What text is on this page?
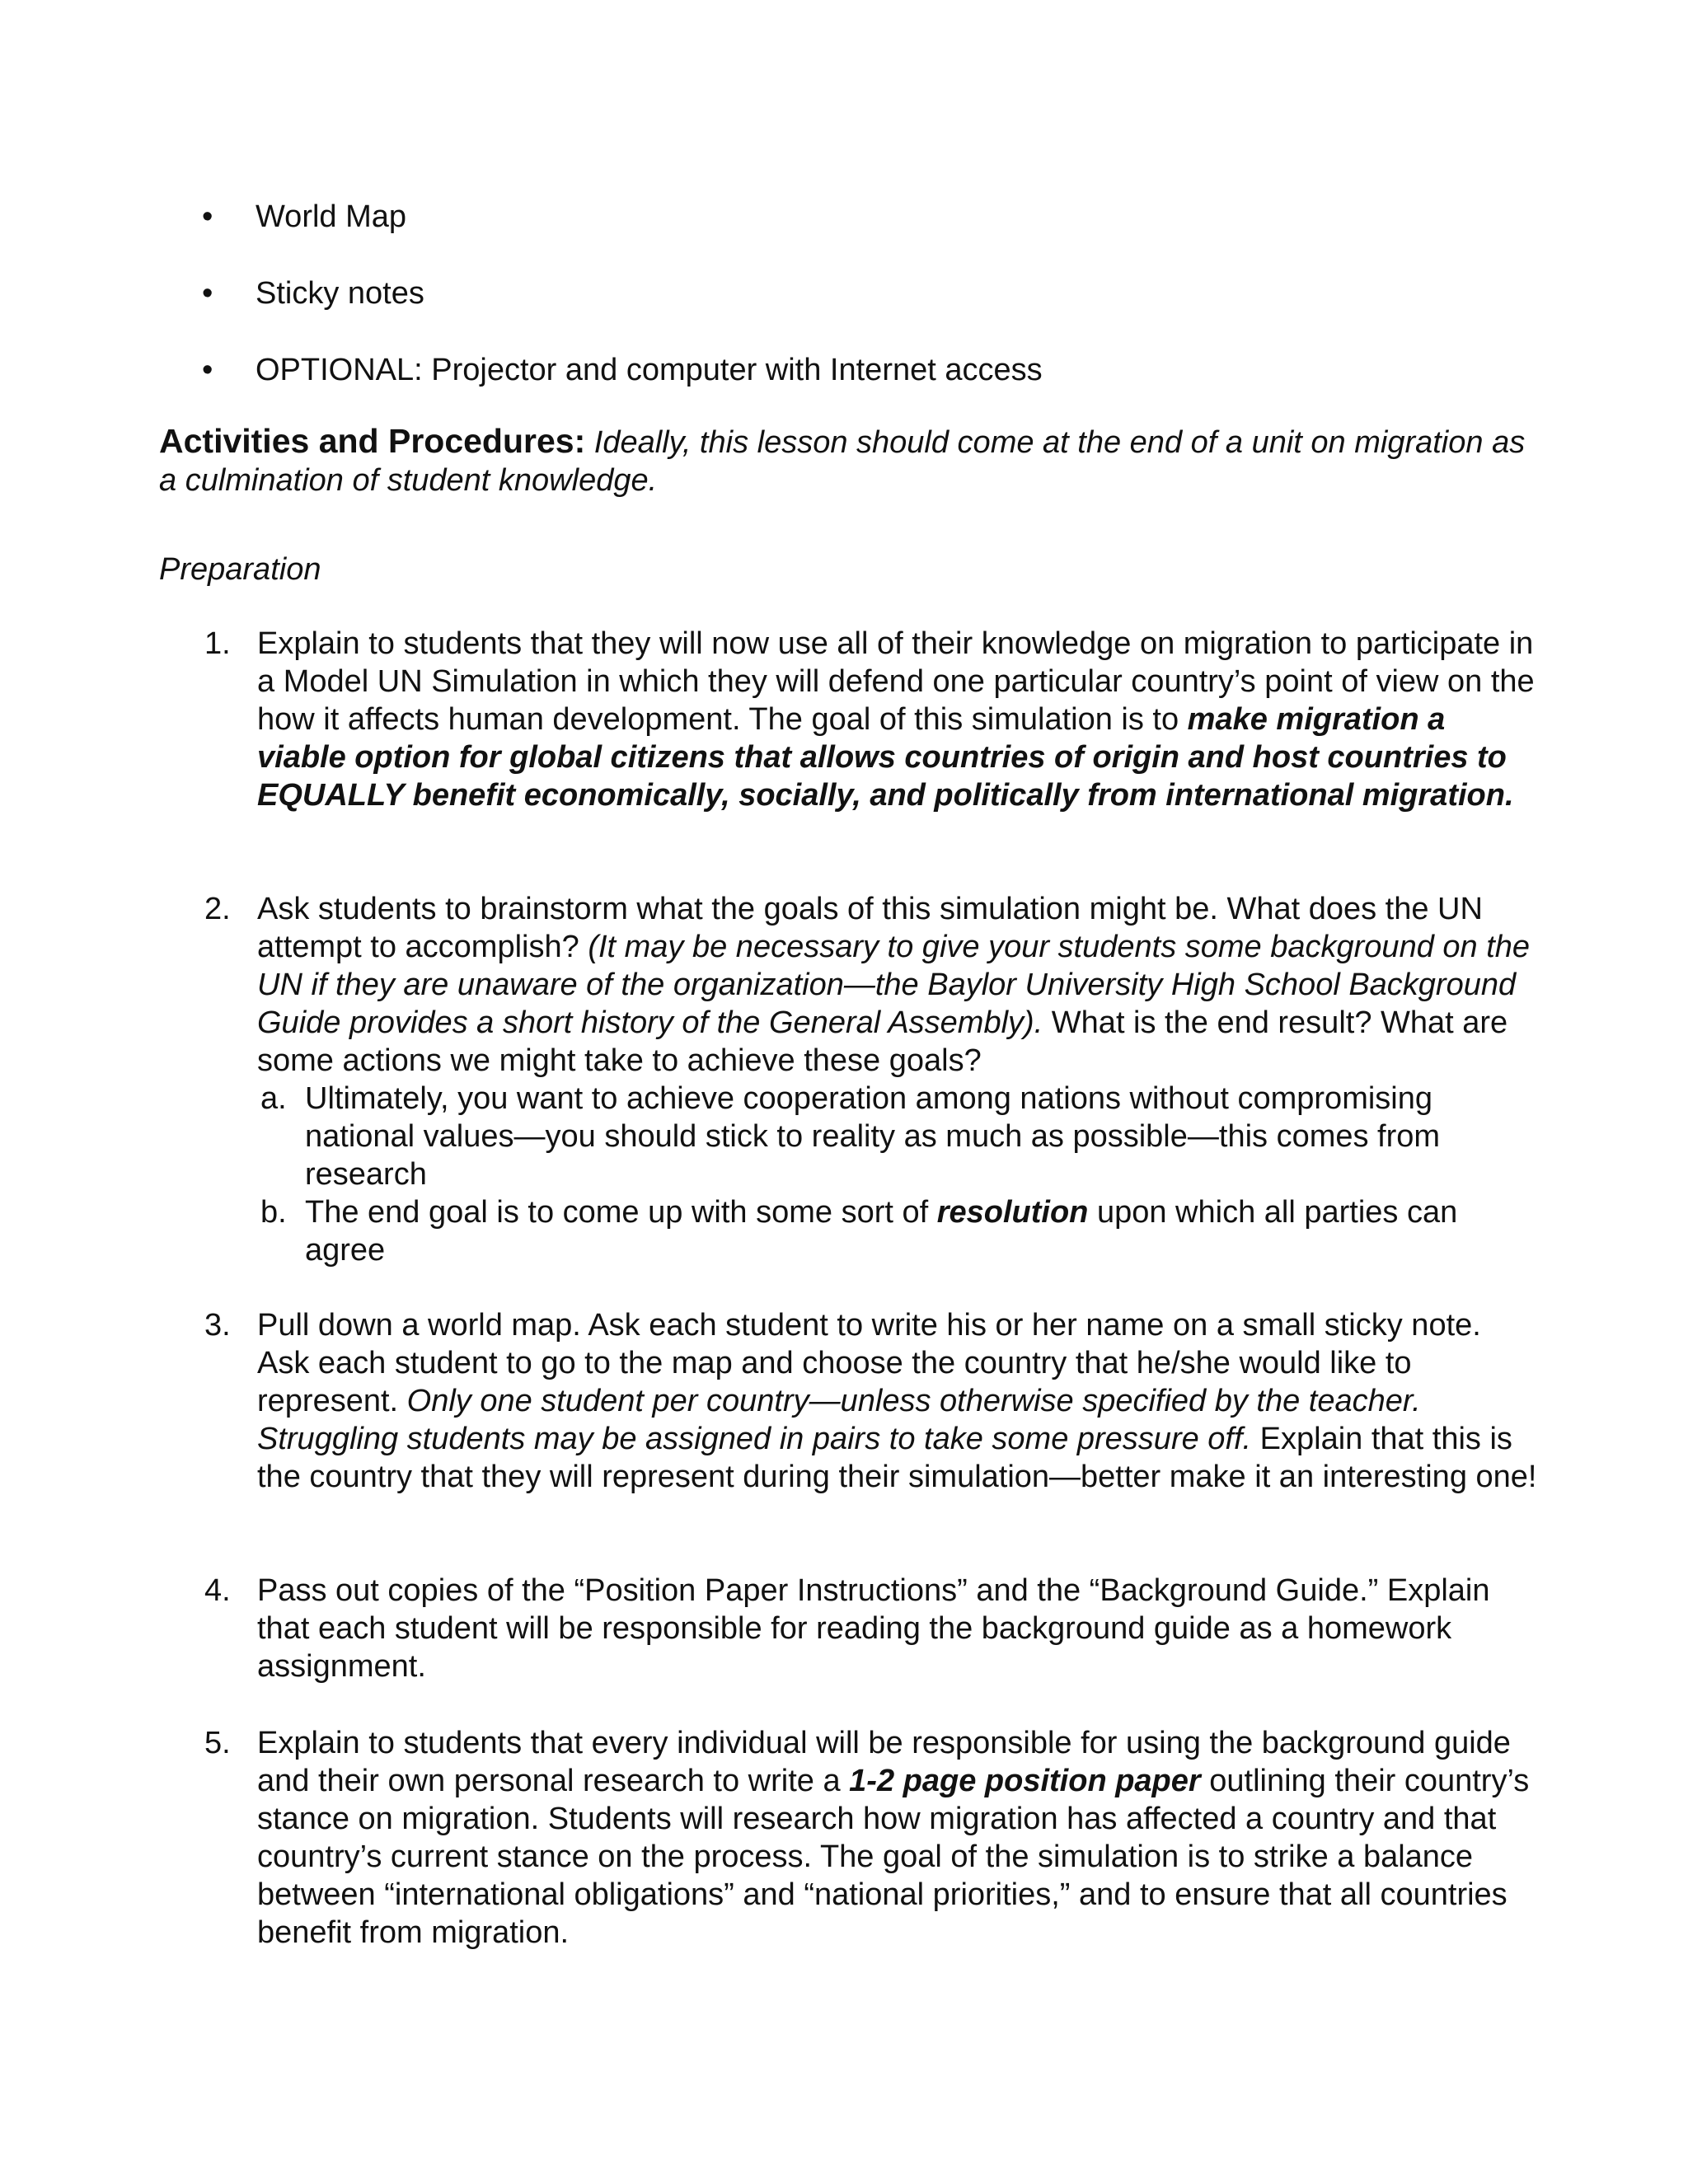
• World Map
• Sticky notes
• OPTIONAL: Projector and computer with Internet access
Activities and Procedures: Ideally, this lesson should come at the end of a unit on migration as a culmination of student knowledge.
Preparation
1. Explain to students that they will now use all of their knowledge on migration to participate in a Model UN Simulation in which they will defend one particular country’s point of view on the how it affects human development. The goal of this simulation is to make migration a viable option for global citizens that allows countries of origin and host countries to EQUALLY benefit economically, socially, and politically from international migration.
2. Ask students to brainstorm what the goals of this simulation might be. What does the UN attempt to accomplish? (It may be necessary to give your students some background on the UN if they are unaware of the organization—the Baylor University High School Background Guide provides a short history of the General Assembly). What is the end result? What are some actions we might take to achieve these goals?
a. Ultimately, you want to achieve cooperation among nations without compromising national values—you should stick to reality as much as possible—this comes from research
b. The end goal is to come up with some sort of resolution upon which all parties can agree
3. Pull down a world map. Ask each student to write his or her name on a small sticky note. Ask each student to go to the map and choose the country that he/she would like to represent. Only one student per country—unless otherwise specified by the teacher. Struggling students may be assigned in pairs to take some pressure off. Explain that this is the country that they will represent during their simulation—better make it an interesting one!
4. Pass out copies of the “Position Paper Instructions” and the “Background Guide.” Explain that each student will be responsible for reading the background guide as a homework assignment.
5. Explain to students that every individual will be responsible for using the background guide and their own personal research to write a 1-2 page position paper outlining their country’s stance on migration. Students will research how migration has affected a country and that country’s current stance on the process. The goal of the simulation is to strike a balance between “international obligations” and “national priorities,” and to ensure that all countries benefit from migration.
